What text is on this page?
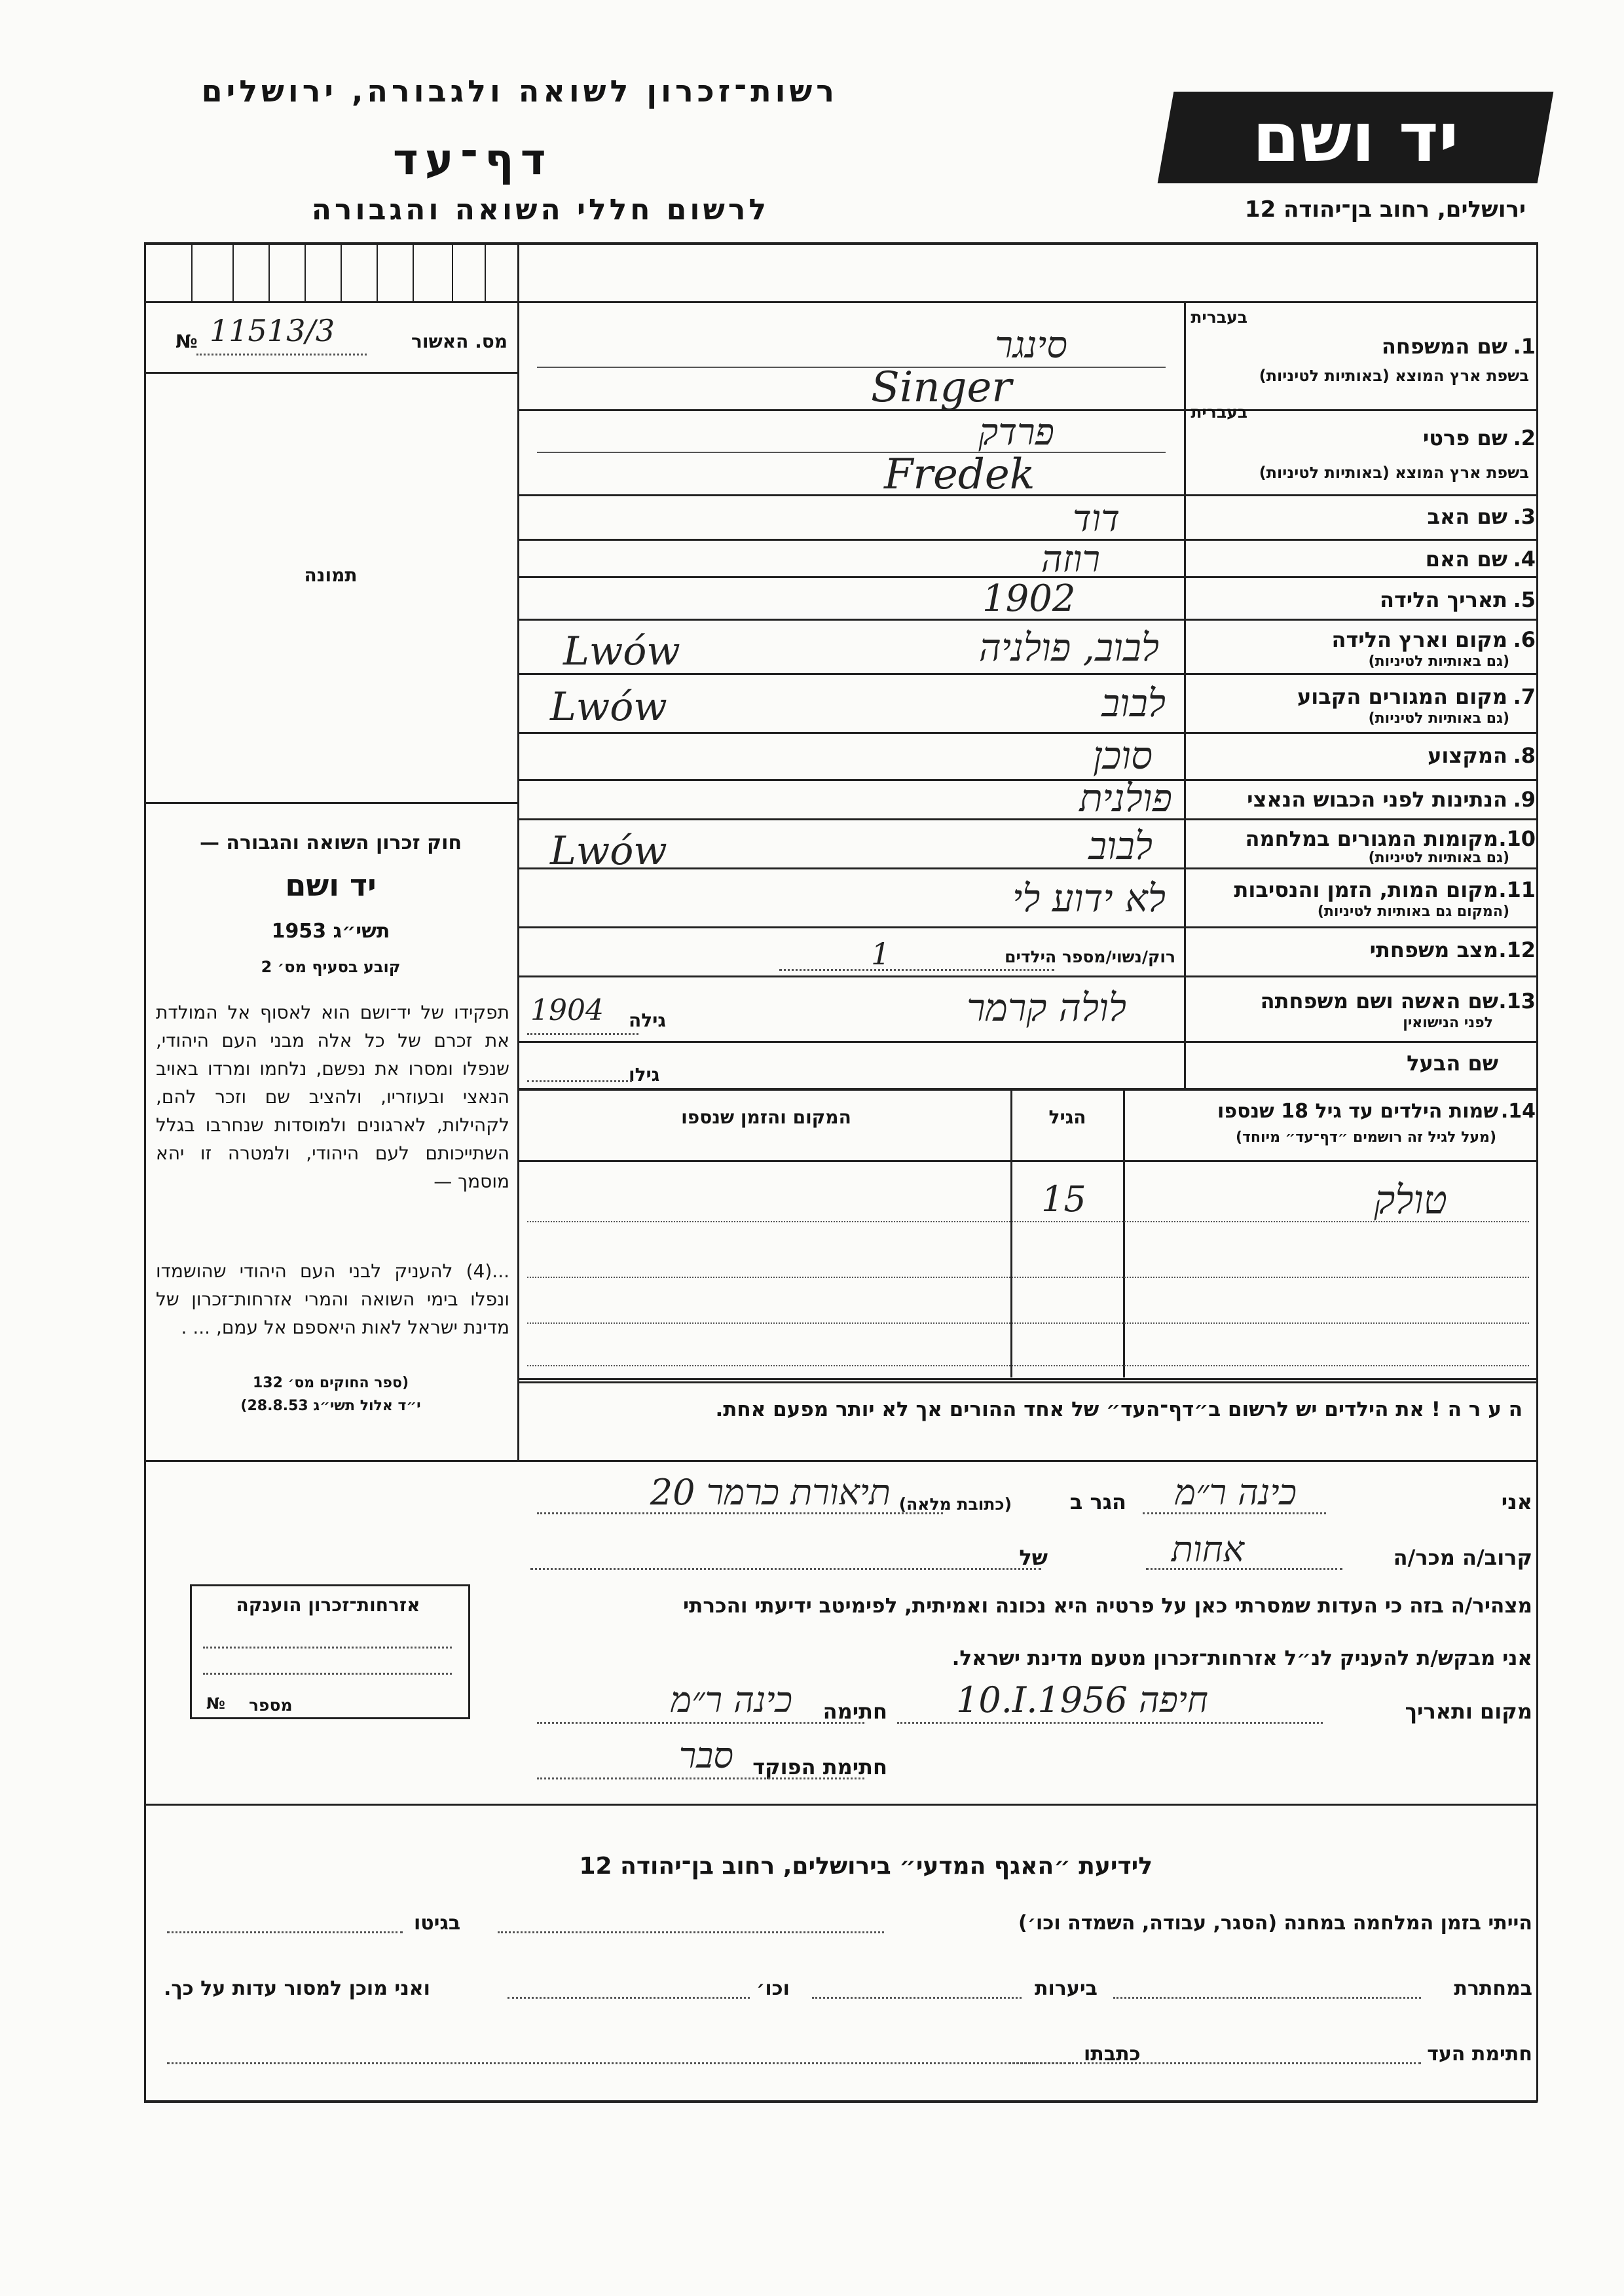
רשות־זכרון לשואה ולגבורה, ירושלים
דף־עד
לרשום חללי השואה והגבורה
יד ושם
ירושלים, רחוב בן־יהודה 12
מס. האשור
11513/3
№
תמונה
חוק זכרון השואה והגבורה —
יד ושם
תשי״ג 1953
קובע בסעיף מס׳ 2
תפקידו של יד־ושם הוא לאסוף אל המולדת את זכרם של כל אלה מבני העם היהודי, שנפלו ומסרו את נפשם, נלחמו ומרדו באויב הנאצי ובעוזריו, ולהציב שם וזכר להם, לקהילות, לארגונים ולמוסדות שנחרבו בגלל השתייכותם לעם היהודי, ולמטרה זו יהא מוסמך —
...(4) להעניק לבני העם היהודי שהושמדו ונפלו בימי השואה והמרי אזרחות־זכרון של מדינת ישראל לאות היאספם אל עמם, ... .
(ספר החוקים מס׳ 132
י״ד אלול תשי״ג 28.8.53)
אזרחות־זכרון הוענקה
מספר
№
בעברית
1.
שם המשפחה
בשפת ארץ המוצא (באותיות לטיניות)
סינגר
Singer
בעברית
2.
שם פרטי
בשפת ארץ המוצא (באותיות לטיניות)
פרדק
Fredek
3.
שם האב
דוד
4.
שם האם
רוזה
5.
תאריך הלידה
1902
6.
מקום וארץ הלידה
(גם באותיות לטיניות)
לבוב, פולניה
Lwów
7.
מקום המגורים הקבוע
(גם באותיות לטיניות)
לבוב
Lwów
8.
המקצוע
סוכן
9.
הנתינות לפני הכבוש הנאצי
פולנית
10.
מקומות המגורים במלחמה
(גם באותיות לטיניות)
לבוב
Lwów
11.
מקום המות, הזמן והנסיבות
(המקום גם באותיות לטיניות)
לא ידוע לי
12.
מצב משפחתי
רוק/נשוי/מספר הילדים
1
13.
שם האשה ושם משפחתה
לפני הנישואין
לולה קרמר
גילה
1904
שם הבעל
גילו
14.
שמות הילדים עד גיל 18 שנספו
(מעל לגיל זה רושמים ״דף־עד״ מיוחד)
הגיל
המקום והזמן שנספו
טולק
15
ה ע ר ה ! את הילדים יש לרשום ב״דף־העד״ של אחד ההורים אך לא יותר מפעם אחת.
אני
כינה ר״מ
הגר ב
(כתובת מלאה)
תיאורת כרמר 20
קרוב/ה מכר/ה
אחות
של
מצהיר/ה בזה כי העדות שמסרתי כאן על פרטיה היא נכונה ואמיתית, לפימיטב ידיעתי והכרתי
אני מבקש/ת להעניק לנ״ל אזרחות־זכרון מטעם מדינת ישראל.
מקום ותאריך
10.I.1956 חיפה
חתימה
כינה ר״מ
חתימת הפוקד
סבר
לידיעת ״האגף המדעי״ בירושלים, רחוב בן־יהודה 12
הייתי בזמן המלחמה במחנה (הסגר, עבודה, השמדה וכו׳)
בגיטו
במחתרת
ביערות
וכו׳
ואני מוכן למסור עדות על כך.
חתימת העד
כתבתו
